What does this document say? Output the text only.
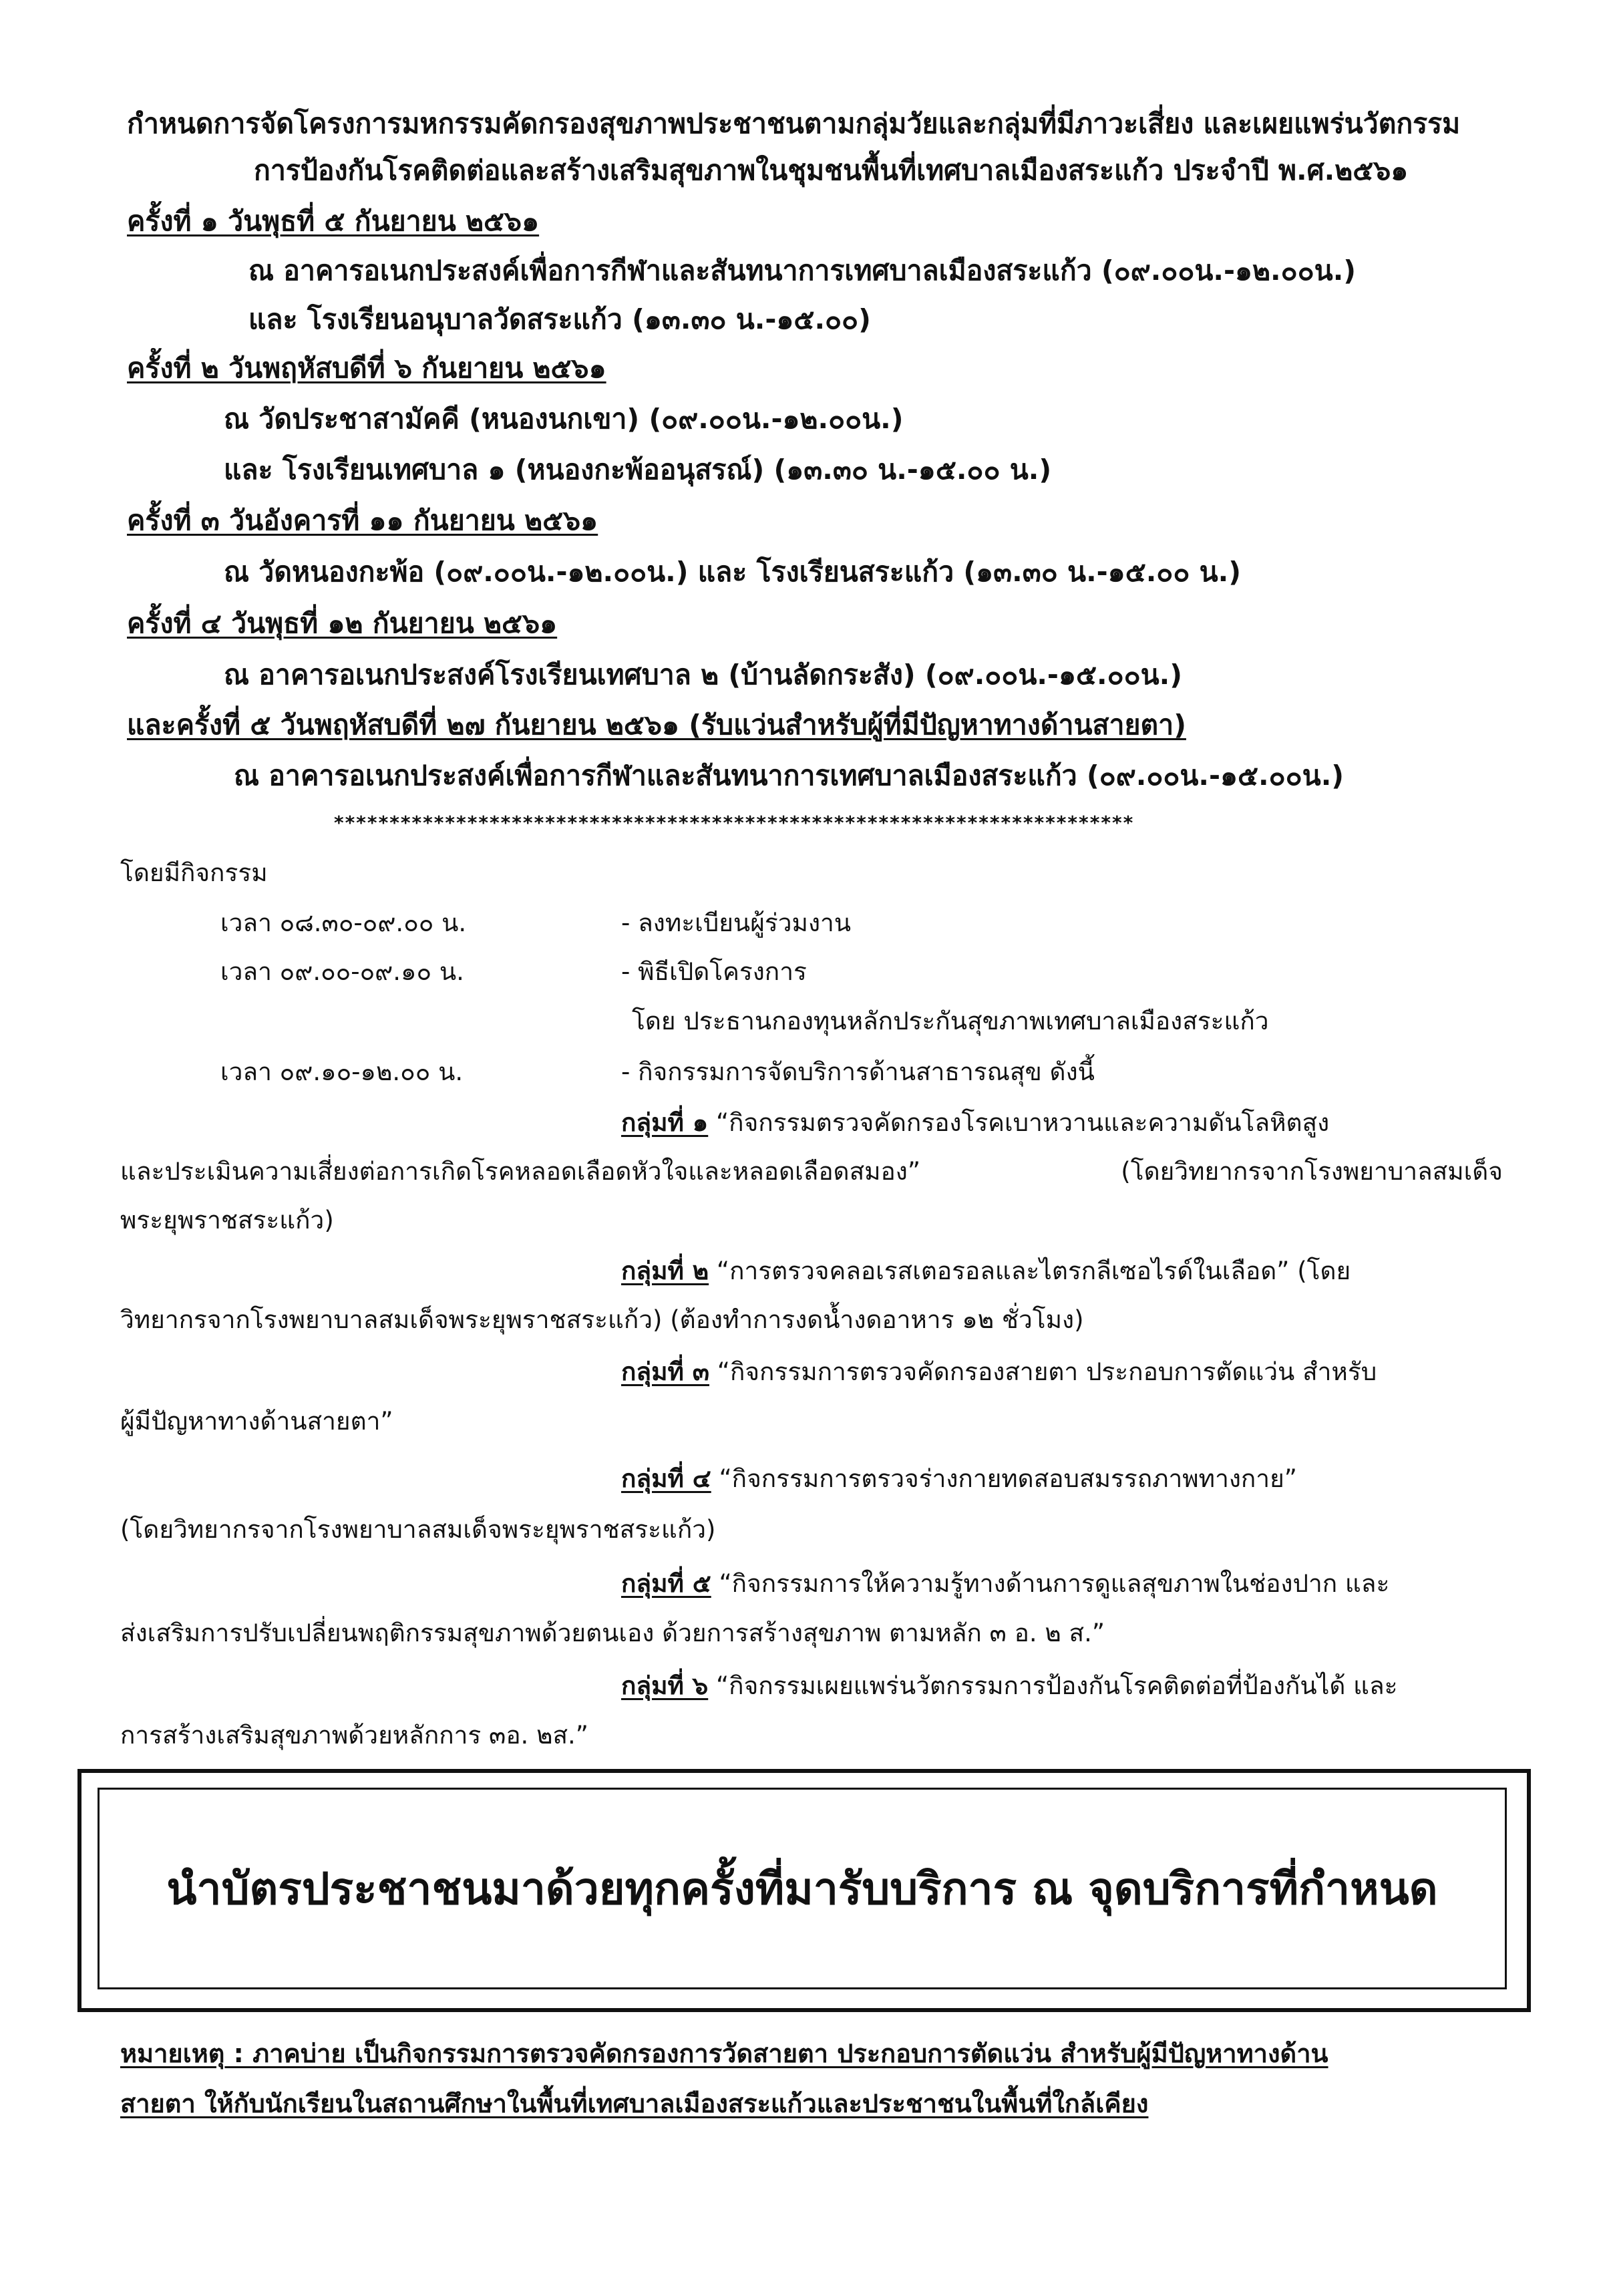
กำหนดการจัดโครงการมหกรรมคัดกรองสุขภาพประชาชนตามกลุ่มวัยและกลุ่มที่มีภาวะเสี่ยง และเผยแพร่นวัตกรรม
การป้องกันโรคติดต่อและสร้างเสริมสุขภาพในชุมชนพื้นที่เทศบาลเมืองสระแก้ว ประจำปี พ.ศ.๒๕๖๑
ครั้งที่ ๑ วันพุธที่ ๕ กันยายน ๒๕๖๑
ณ อาคารอเนกประสงค์เพื่อการกีฬาและสันทนาการเทศบาลเมืองสระแก้ว (๐๙.๐๐น.-๑๒.๐๐น.)
และ โรงเรียนอนุบาลวัดสระแก้ว (๑๓.๓๐ น.-๑๕.๐๐)
ครั้งที่ ๒ วันพฤหัสบดีที่ ๖ กันยายน ๒๕๖๑
ณ วัดประชาสามัคคี (หนองนกเขา) (๐๙.๐๐น.-๑๒.๐๐น.)
และ โรงเรียนเทศบาล ๑ (หนองกะพ้ออนุสรณ์) (๑๓.๓๐ น.-๑๕.๐๐ น.)
ครั้งที่ ๓ วันอังคารที่ ๑๑ กันยายน ๒๕๖๑
ณ วัดหนองกะพ้อ (๐๙.๐๐น.-๑๒.๐๐น.) และ โรงเรียนสระแก้ว (๑๓.๓๐ น.-๑๕.๐๐ น.)
ครั้งที่ ๔ วันพุธที่ ๑๒ กันยายน ๒๕๖๑
ณ อาคารอเนกประสงค์โรงเรียนเทศบาล ๒ (บ้านลัดกระสัง) (๐๙.๐๐น.-๑๕.๐๐น.)
และครั้งที่ ๕ วันพฤหัสบดีที่ ๒๗ กันยายน ๒๕๖๑ (รับแว่นสำหรับผู้ที่มีปัญหาทางด้านสายตา)
ณ อาคารอเนกประสงค์เพื่อการกีฬาและสันทนาการเทศบาลเมืองสระแก้ว (๐๙.๐๐น.-๑๕.๐๐น.)
************************************************************************
โดยมีกิจกรรม
เวลา ๐๘.๓๐-๐๙.๐๐ น.	- ลงทะเบียนผู้ร่วมงาน
เวลา ๐๙.๐๐-๐๙.๑๐ น.	- พิธีเปิดโครงการ
โดย ประธานกองทุนหลักประกันสุขภาพเทศบาลเมืองสระแก้ว
เวลา ๐๙.๑๐-๑๒.๐๐ น.	- กิจกรรมการจัดบริการด้านสาธารณสุข ดังนี้
กลุ่มที่ ๑ “กิจกรรมตรวจคัดกรองโรคเบาหวานและความดันโลหิตสูง
และประเมินความเสี่ยงต่อการเกิดโรคหลอดเลือดหัวใจและหลอดเลือดสมอง” (โดยวิทยากรจากโรงพยาบาลสมเด็จ
พระยุพราชสระแก้ว)
กลุ่มที่ ๒ “การตรวจคลอเรสเตอรอลและไตรกลีเซอไรด์ในเลือด” (โดย
วิทยากรจากโรงพยาบาลสมเด็จพระยุพราชสระแก้ว) (ต้องทำการงดน้ำงดอาหาร ๑๒ ชั่วโมง)
กลุ่มที่ ๓ “กิจกรรมการตรวจคัดกรองสายตา ประกอบการตัดแว่น สำหรับ
ผู้มีปัญหาทางด้านสายตา”
กลุ่มที่ ๔ “กิจกรรมการตรวจร่างกายทดสอบสมรรถภาพทางกาย”
(โดยวิทยากรจากโรงพยาบาลสมเด็จพระยุพราชสระแก้ว)
กลุ่มที่ ๕ “กิจกรรมการให้ความรู้ทางด้านการดูแลสุขภาพในช่องปาก และ
ส่งเสริมการปรับเปลี่ยนพฤติกรรมสุขภาพด้วยตนเอง ด้วยการสร้างสุขภาพ ตามหลัก ๓ อ. ๒ ส.”
กลุ่มที่ ๖ “กิจกรรมเผยแพร่นวัตกรรมการป้องกันโรคติดต่อที่ป้องกันได้ และ
การสร้างเสริมสุขภาพด้วยหลักการ ๓อ. ๒ส.”
นำบัตรประชาชนมาด้วยทุกครั้งที่มารับบริการ ณ จุดบริการที่กำหนด
หมายเหตุ : ภาคบ่าย เป็นกิจกรรมการตรวจคัดกรองการวัดสายตา ประกอบการตัดแว่น สำหรับผู้มีปัญหาทางด้าน
สายตา ให้กับนักเรียนในสถานศึกษาในพื้นที่เทศบาลเมืองสระแก้วและประชาชนในพื้นที่ใกล้เคียง
